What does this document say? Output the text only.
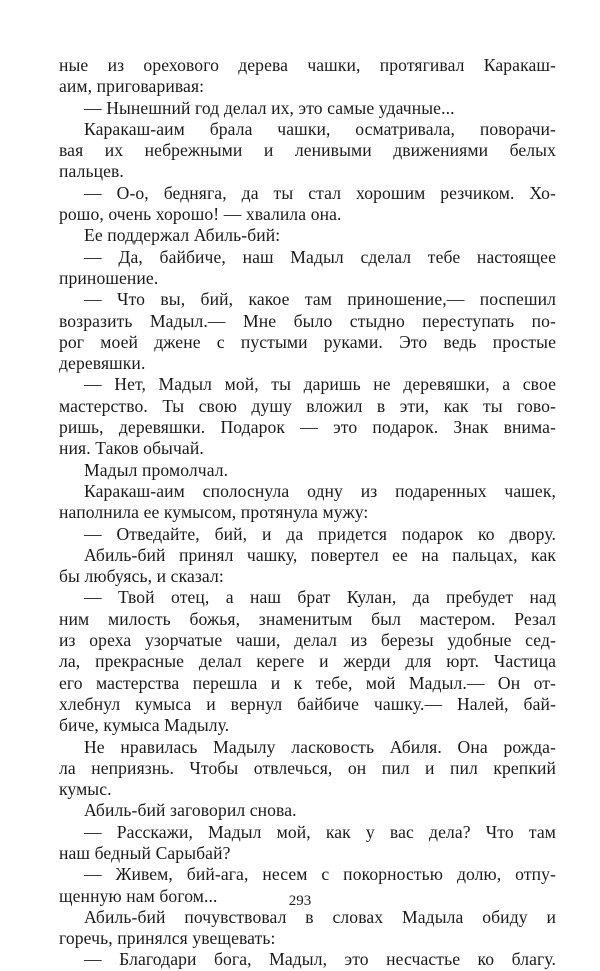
ные из орехового дерева чашки, протягивал Каракаш-
аим, приговаривая:
— Нынешний год делал их, это самые удачные...
Каракаш-аим брала чашки, осматривала, поворачи-
вая их небрежными и ленивыми движениями белых
пальцев.
— О-о, бедняга, да ты стал хорошим резчиком. Хо-
рошо, очень хорошо! — хвалила она.
Ее поддержал Абиль-бий:
— Да, байбиче, наш Мадыл сделал тебе настоящее
приношение.
— Что вы, бий, какое там приношение,— поспешил
возразить Мадыл.— Мне было стыдно переступать по-
рог моей джене с пустыми руками. Это ведь простые
деревяшки.
— Нет, Мадыл мой, ты даришь не деревяшки, а свое
мастерство. Ты свою душу вложил в эти, как ты гово-
ришь, деревяшки. Подарок — это подарок. Знак внима-
ния. Таков обычай.
Мадыл промолчал.
Каракаш-аим сполоснула одну из подаренных чашек,
наполнила ее кумысом, протянула мужу:
— Отведайте, бий, и да придется подарок ко двору.
Абиль-бий принял чашку, повертел ее на пальцах, как
бы любуясь, и сказал:
— Твой отец, а наш брат Кулан, да пребудет над
ним милость божья, знаменитым был мастером. Резал
из ореха узорчатые чаши, делал из березы удобные сед-
ла, прекрасные делал кереге и жерди для юрт. Частица
его мастерства перешла и к тебе, мой Мадыл.— Он от-
хлебнул кумыса и вернул байбиче чашку.— Налей, бай-
биче, кумыса Мадылу.
Не нравилась Мадылу ласковость Абиля. Она рожда-
ла неприязнь. Чтобы отвлечься, он пил и пил крепкий
кумыс.
Абиль-бий заговорил снова.
— Расскажи, Мадыл мой, как у вас дела? Что там
наш бедный Сарыбай?
— Живем, бий-ага, несем с покорностью долю, отпу-
щенную нам богом...
Абиль-бий почувствовал в словах Мадыла обиду и
горечь, принялся увещевать:
— Благодари бога, Мадыл, это несчастье ко благу.
293
